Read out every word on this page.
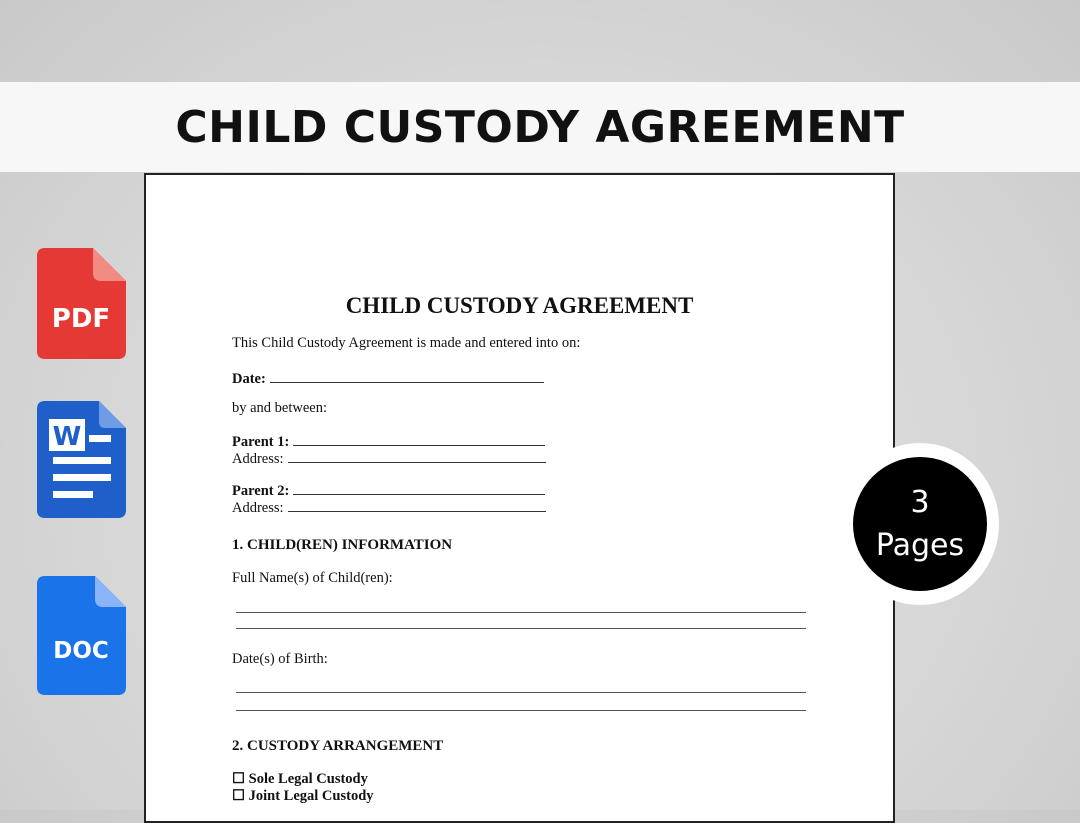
CHILD CUSTODY AGREEMENT
PDF
W
DOC
CHILD CUSTODY AGREEMENT
This Child Custody Agreement is made and entered into on:
Date:
by and between:
Parent 1:
Address:
Parent 2:
Address:
1. CHILD(REN) INFORMATION
Full Name(s) of Child(ren):
Date(s) of Birth:
2. CUSTODY ARRANGEMENT
☐ Sole Legal Custody
☐ Joint Legal Custody
3
Pages
